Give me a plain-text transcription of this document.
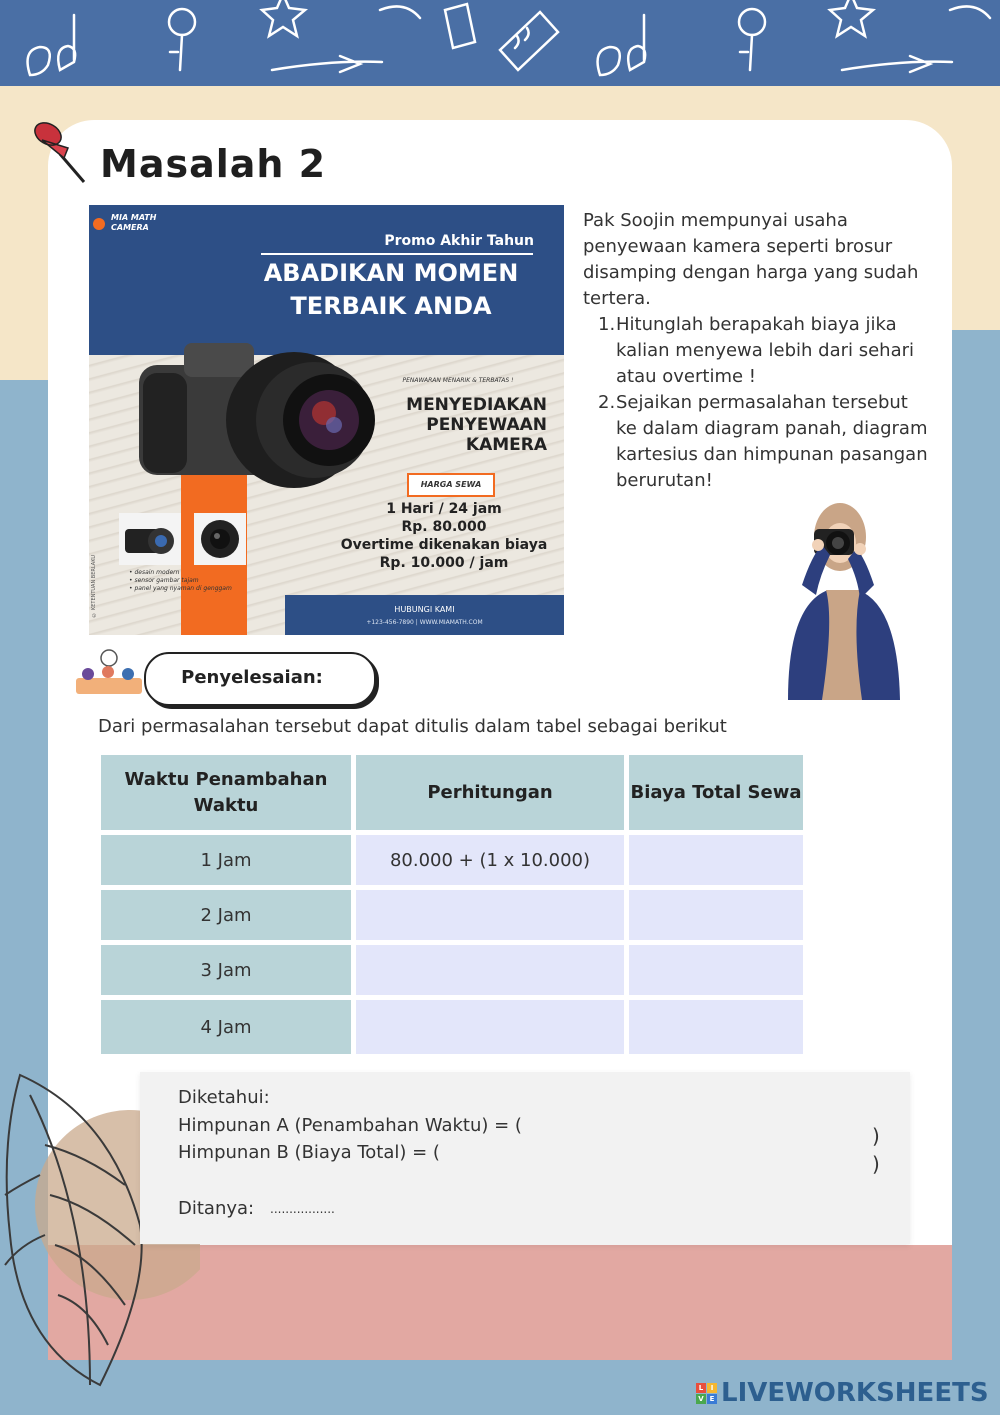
Masalah 2
MIA MATH CAMERA
Promo Akhir Tahun
ABADIKAN MOMEN
TERBAIK ANDA
PENAWARAN MENARIK & TERBATAS !
MENYEDIAKAN
PENYEWAAN
KAMERA
HARGA SEWA
1 Hari / 24 jam
Rp. 80.000
Overtime dikenakan biaya
Rp. 10.000 / jam
• desain modern
• sensor gambar tajam
• panel yang nyaman di genggam
© KETENTUAN BERLAKU	HUBUNGI KAMI
+123-456-7890 | WWW.MIAMATH.COM
Pak Soojin mempunyai usaha penyewaan kamera seperti brosur disamping dengan harga yang sudah tertera.
1. Hitunglah berapakah biaya jika kalian menyewa lebih dari sehari atau overtime !
2. Sejaikan permasalahan tersebut ke dalam diagram panah, diagram kartesius dan himpunan pasangan berurutan!
Penyelesaian:
Dari permasalahan tersebut dapat ditulis dalam tabel sebagai berikut
Waktu Penambahan Waktu	Perhitungan	Biaya Total Sewa
1 Jam	80.000 + (1 x 10.000)	
2 Jam		
3 Jam		
4 Jam		
Diketahui:
Himpunan A (Penambahan Waktu) = (
Himpunan B (Biaya Total) = (
)
)
Ditanya: .................
L	I
V E LIVEWORKSHEETS
